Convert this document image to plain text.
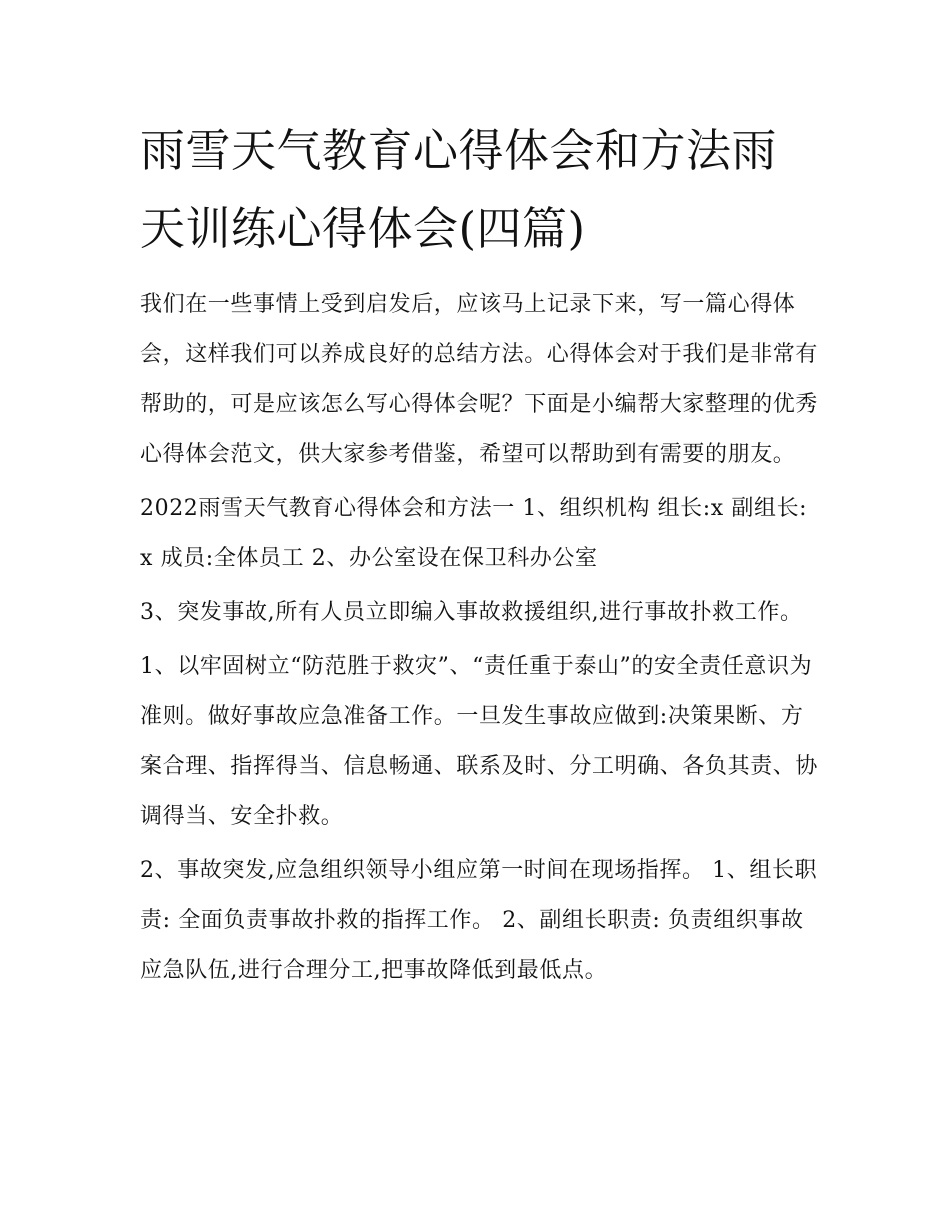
雨雪天气教育心得体会和方法雨天训练心得体会(四篇)

我们在一些事情上受到启发后，应该马上记录下来，写一篇心得体会，这样我们可以养成良好的总结方法。心得体会对于我们是非常有帮助的，可是应该怎么写心得体会呢？下面是小编帮大家整理的优秀心得体会范文，供大家参考借鉴，希望可以帮助到有需要的朋友。

2022雨雪天气教育心得体会和方法一 1、组织机构 组长:x 副组长:x 成员:全体员工 2、办公室设在保卫科办公室

3、突发事故,所有人员立即编入事故救援组织,进行事故扑救工作。

1、以牢固树立“防范胜于救灾”、“责任重于泰山”的安全责任意识为准则。做好事故应急准备工作。一旦发生事故应做到:决策果断、方案合理、指挥得当、信息畅通、联系及时、分工明确、各负其责、协调得当、安全扑救。

2、事故突发,应急组织领导小组应第一时间在现场指挥。 1、组长职责: 全面负责事故扑救的指挥工作。 2、副组长职责: 负责组织事故应急队伍,进行合理分工,把事故降低到最低点。
